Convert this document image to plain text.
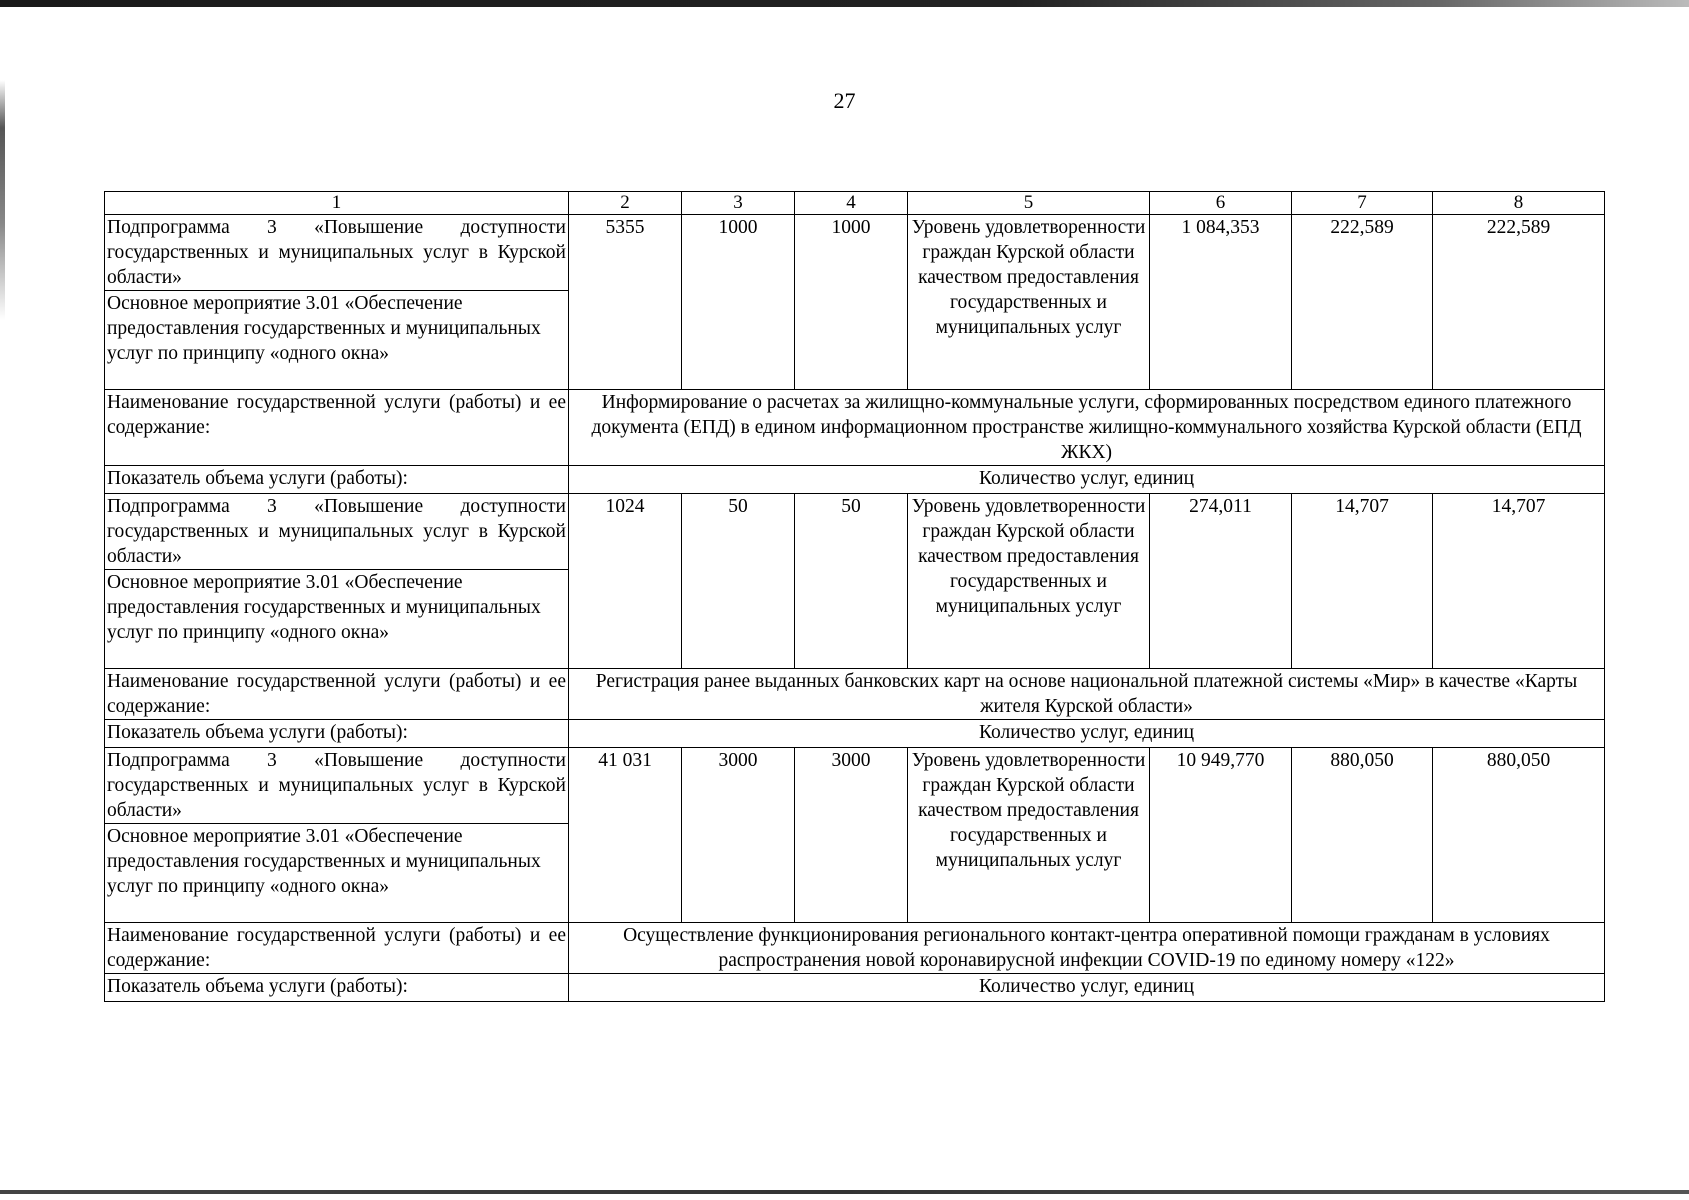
27
1	2	3	4	5	6	7	8
Подпрограмма 3 «Повышение доступности государственных и муниципальных услуг в Курской области»	5355	1000	1000	Уровень удовлетворенности граждан Курской области качеством предоставления государственных и муниципальных услуг	1 084,353	222,589	222,589
Основное мероприятие 3.01 «Обеспечение предоставления государственных и муниципальных услуг по принципу «одного окна»							
Наименование государственной услуги (работы) и ее содержание:	Информирование о расчетах за жилищно-коммунальные услуги, сформированных посредством единого платежного документа (ЕПД) в едином информационном пространстве жилищно-коммунального хозяйства Курской области (ЕПД ЖКХ)						
Показатель объема услуги (работы):	Количество услуг, единиц						
Подпрограмма 3 «Повышение доступности государственных и муниципальных услуг в Курской области»	1024	50	50	Уровень удовлетворенности граждан Курской области качеством предоставления государственных и муниципальных услуг	274,011	14,707	14,707
Основное мероприятие 3.01 «Обеспечение предоставления государственных и муниципальных услуг по принципу «одного окна»							
Наименование государственной услуги (работы) и ее содержание:	Регистрация ранее выданных банковских карт на основе национальной платежной системы «Мир» в качестве «Карты жителя Курской области»						
Показатель объема услуги (работы):	Количество услуг, единиц						
Подпрограмма 3 «Повышение доступности государственных и муниципальных услуг в Курской области»	41 031	3000	3000	Уровень удовлетворенности граждан Курской области качеством предоставления государственных и муниципальных услуг	10 949,770	880,050	880,050
Основное мероприятие 3.01 «Обеспечение предоставления государственных и муниципальных услуг по принципу «одного окна»							
Наименование государственной услуги (работы) и ее содержание:	Осуществление функционирования регионального контакт-центра оперативной помощи гражданам в условиях распространения новой коронавирусной инфекции COVID-19 по единому номеру «122»						
Показатель объема услуги (работы):	Количество услуг, единиц						
